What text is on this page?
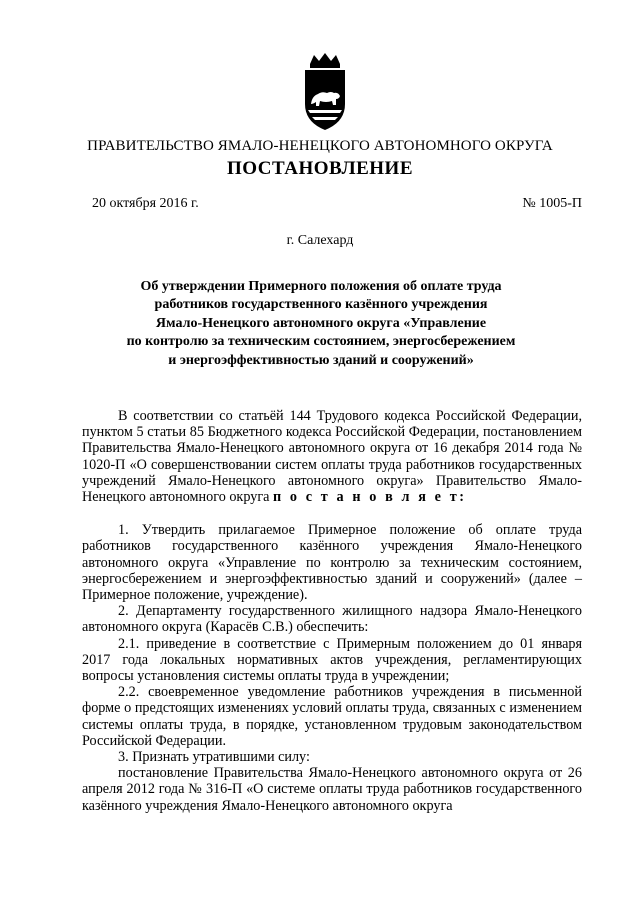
ПРАВИТЕЛЬСТВО ЯМАЛО-НЕНЕЦКОГО АВТОНОМНОГО ОКРУГА
ПОСТАНОВЛЕНИЕ
20 октября 2016 г.	№ 1005-П
г. Салехард
Об утверждении Примерного положения об оплате труда
работников государственного казённого учреждения
Ямало-Ненецкого автономного округа «Управление
по контролю за техническим состоянием, энергосбережением
и энергоэффективностью зданий и сооружений»

В соответствии со статьёй 144 Трудового кодекса Российской Федерации, пунктом 5 статьи 85 Бюджетного кодекса Российской Федерации, постановлением Правительства Ямало-Ненецкого автономного округа от 16 декабря 2014 года № 1020-П «О совершенствовании систем оплаты труда работников государственных учреждений Ямало-Ненецкого автономного округа» Правительство Ямало-Ненецкого автономного округа п о с т а н о в л я е т:

1. Утвердить прилагаемое Примерное положение об оплате труда работников государственного казённого учреждения Ямало-Ненецкого автономного округа «Управление по контролю за техническим состоянием, энергосбережением и энергоэффективностью зданий и сооружений» (далее – Примерное положение, учреждение).

2. Департаменту государственного жилищного надзора Ямало-Ненецкого автономного округа (Карасёв С.В.) обеспечить:

2.1. приведение в соответствие с Примерным положением до 01 января 2017 года локальных нормативных актов учреждения, регламентирующих вопросы установления системы оплаты труда в учреждении;

2.2. своевременное уведомление работников учреждения в письменной форме о предстоящих изменениях условий оплаты труда, связанных с изменением системы оплаты труда, в порядке, установленном трудовым законодательством Российской Федерации.

3. Признать утратившими силу:

постановление Правительства Ямало-Ненецкого автономного округа от 26 апреля 2012 года № 316-П «О системе оплаты труда работников государственного казённого учреждения Ямало-Ненецкого автономного округа
